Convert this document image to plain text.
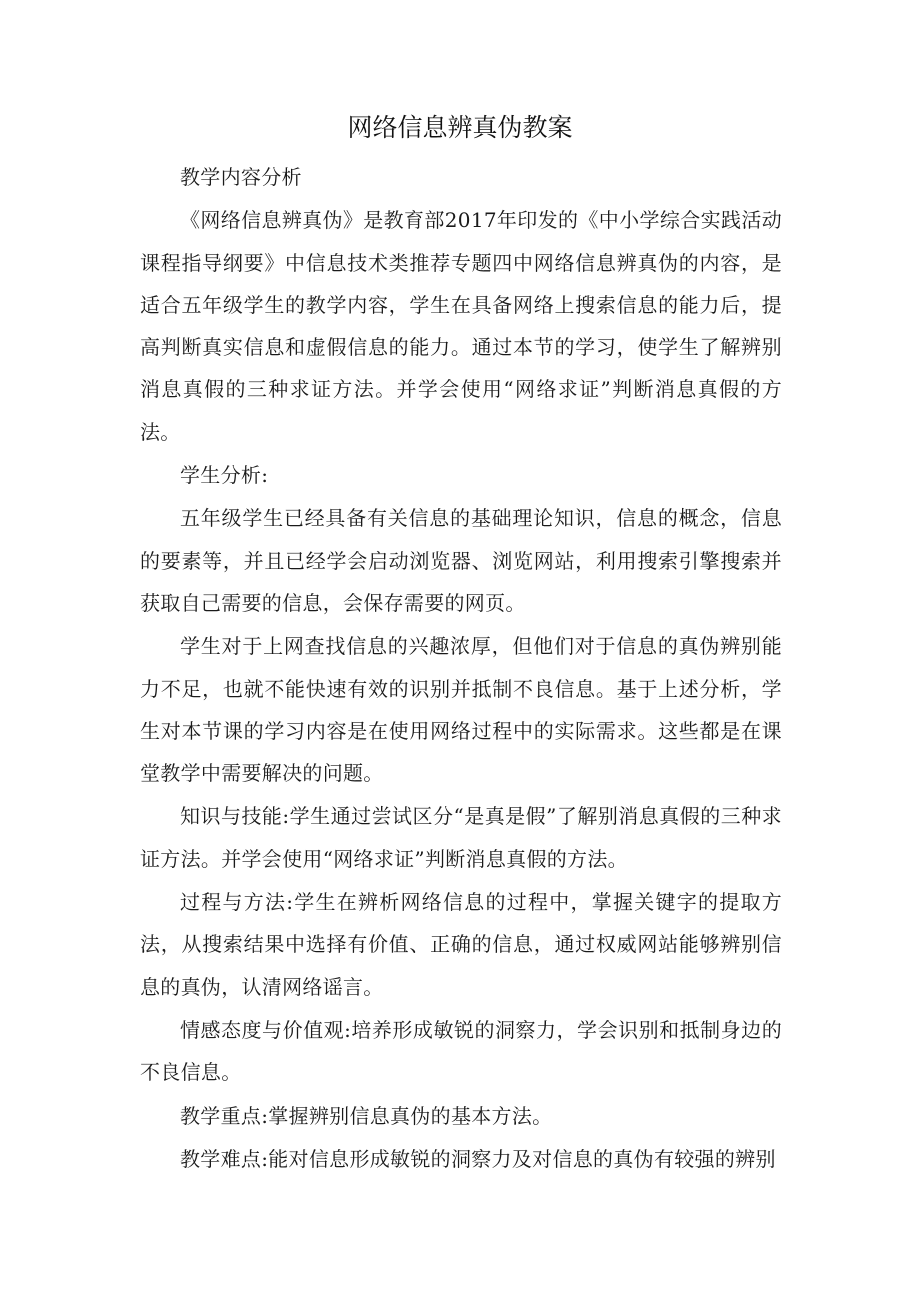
网络信息辨真伪教案

教学内容分析

《网络信息辨真伪》是教育部2017年印发的《中小学综合实践活动课程指导纲要》中信息技术类推荐专题四中网络信息辨真伪的内容，是适合五年级学生的教学内容，学生在具备网络上搜索信息的能力后，提高判断真实信息和虚假信息的能力。通过本节的学习，使学生了解辨别消息真假的三种求证方法。并学会使用“网络求证”判断消息真假的方法。

学生分析:

五年级学生已经具备有关信息的基础理论知识，信息的概念，信息的要素等，并且已经学会启动浏览器、浏览网站，利用搜索引擎搜索并获取自己需要的信息，会保存需要的网页。

学生对于上网查找信息的兴趣浓厚，但他们对于信息的真伪辨别能力不足，也就不能快速有效的识别并抵制不良信息。基于上述分析，学生对本节课的学习内容是在使用网络过程中的实际需求。这些都是在课堂教学中需要解决的问题。

知识与技能:学生通过尝试区分“是真是假”了解别消息真假的三种求证方法。并学会使用“网络求证”判断消息真假的方法。

过程与方法:学生在辨析网络信息的过程中，掌握关键字的提取方法，从搜索结果中选择有价值、正确的信息，通过权威网站能够辨别信息的真伪，认清网络谣言。

情感态度与价值观:培养形成敏锐的洞察力，学会识别和抵制身边的不良信息。

教学重点:掌握辨别信息真伪的基本方法。

教学难点:能对信息形成敏锐的洞察力及对信息的真伪有较强的辨别
